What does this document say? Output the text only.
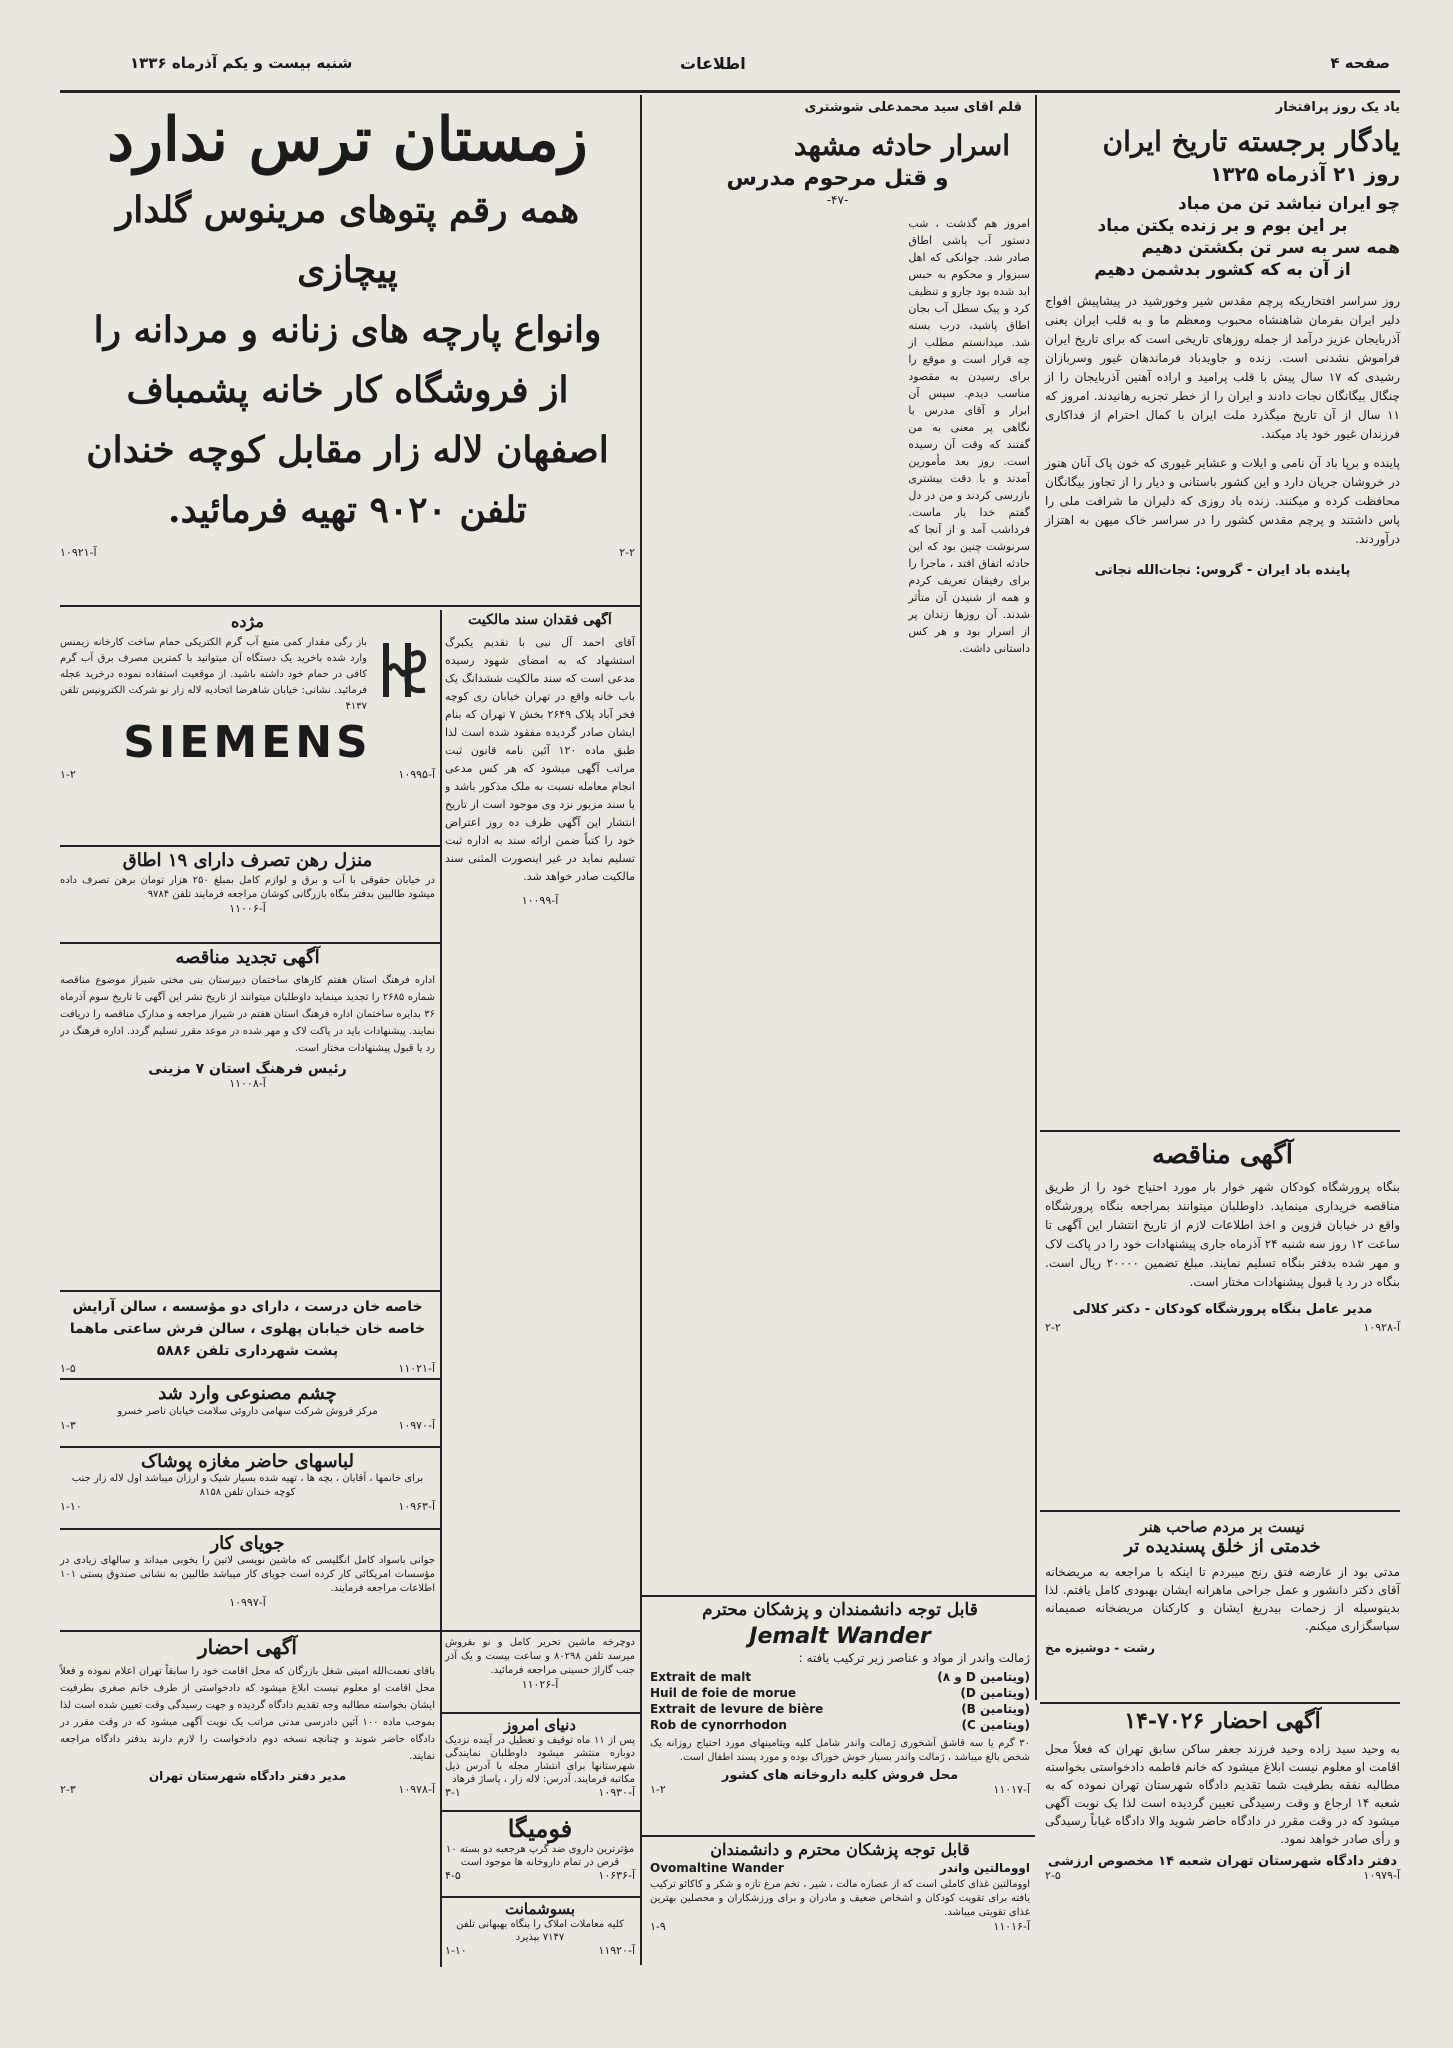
شنبه بیست و یکم آذرماه ۱۳۳۶	اطلاعات	صفحه ۴
یاد یک روز پرافتخار
یادگار برجسته تاریخ ایران
روز ۲۱ آذرماه ۱۳۲۵
چو ایران نباشد تن من مباد
بر این بوم و بر زنده یکتن مباد
همه سر به سر تن بکشتن دهیم
از آن به که کشور بدشمن دهیم
روز سراسر افتخاریکه پرچم مقدس شیر وخورشید در پیشاپیش افواج دلیر ایران بفرمان شاهنشاه محبوب ومعظم ما و به قلب ایران یعنی آذربایجان عزیز درآمد از جمله روزهای تاریخی است که برای تاریخ ایران فراموش نشدنی است. زنده و جاویدباد فرماندهان غیور وسربازان رشیدی که ۱۷ سال پیش با قلب پرامید و اراده آهنین آذربایجان را از چنگال بیگانگان نجات دادند و ایران را از خطر تجزیه رهانیدند. امروز که ۱۱ سال از آن تاریخ میگذرد ملت ایران با کمال احترام از فداکاری فرزندان غیور خود یاد میکند.
پاینده و برپا باد آن نامی و ایلات و عشایر غیوری که خون پاک آنان هنوز در خروشان جریان دارد و این کشور باستانی و دیار را از تجاوز بیگانگان محافظت کرده و میکنند. زنده باد روزی که دلیران ما شرافت ملی را پاس داشتند و پرچم مقدس کشور را در سراسر خاک میهن به اهتزاز درآوردند.
پاینده باد ایران - گروس: نجات‌الله نجاتی
آگهی مناقصه
بنگاه پرورشگاه کودکان شهر خوار بار مورد احتیاج خود را از طریق مناقصه خریداری مینماید. داوطلبان میتوانند بمراجعه بنگاه پرورشگاه واقع در خیابان قزوین و اخذ اطلاعات لازم از تاریخ انتشار این آگهی تا ساعت ۱۲ روز سه شنبه ۲۴ آذرماه جاری پیشنهادات خود را در پاکت لاک و مهر شده بدفتر بنگاه تسلیم نمایند. مبلغ تضمین ۲۰۰۰۰ ریال است. بنگاه در رد یا قبول پیشنهادات مختار است.
مدیر عامل بنگاه پرورشگاه کودکان - دکتر کلالی
آ-۱۰۹۲۸
۲-۲
نیست بر مردم صاحب هنر
خدمتی از خلق پسندیده تر
مدتی بود از عارضه فتق رنج میبردم تا اینکه با مراجعه به مریضخانه آقای دکتر دانشور و عمل جراحی ماهرانه ایشان بهبودی کامل یافتم. لذا بدینوسیله از زحمات بیدریغ ایشان و کارکنان مریضخانه صمیمانه سپاسگزاری میکنم.
رشت - دوشیزه مخ
آگهی احضار ۷۰۲۶-۱۴
به وحید سید زاده وحید فرزند جعفر ساکن سابق تهران که فعلاً محل اقامت او معلوم نیست ابلاغ میشود که خانم فاطمه دادخواستی بخواسته مطالبه نفقه بطرفیت شما تقدیم دادگاه شهرستان تهران نموده که به شعبه ۱۴ ارجاع و وقت رسیدگی تعیین گردیده است لذا یک نوبت آگهی میشود که در وقت مقرر در دادگاه حاضر شوید والا دادگاه غیاباً رسیدگی و رأی صادر خواهد نمود.
دفتر دادگاه شهرستان تهران شعبه ۱۴ مخصوص ارزشی
آ-۱۰۹۷۹
۲-۵
قلم آقای سید محمدعلی شوشتری
اسرار حادثه مشهد
و قتل مرحوم مدرس
-۴۷-
امروز هم گذشت ، شب دستور آب پاشی اطاق صادر شد. جوانکی که اهل سبزوار و محکوم به حبس ابد شده بود جارو و تنظیف کرد و پیک سطل آب بجان اطاق پاشید، درب بسته شد. میدانستم مطلب از چه قرار است و موقع را برای رسیدن به مقصود مناسب دیدم. سپس آن ابرار و آقای مدرس با نگاهی پر معنی به من گفتند که وقت آن رسیده است. روز بعد مأمورین آمدند و با دقت بیشتری بازرسی کردند و من در دل گفتم خدا یار ماست. فرداشب آمد و از آنجا که سرنوشت چنین بود که این حادثه اتفاق افتد ، ماجرا را برای رفیقان تعریف کردم و همه از شنیدن آن متأثر شدند. آن روزها زندان پر از اسرار بود و هر کس داستانی داشت.
قابل توجه دانشمندان و پزشکان محترم
Jemalt Wander
ژمالت واندر از مواد و عناصر زیر ترکیب یافته :
(ویتامین D و ۸)
Extrait de malt
(ویتامین D)
Huil de foie de morue
(ویتامین B)
Extrait de levure de bière
(ویتامین C)
Rob de cynorrhodon
۳۰ گرم یا سه قاشق آشخوری ژمالت واندر شامل کلیه ویتامینهای مورد احتیاج روزانه یک شخص بالغ میباشد ، ژمالت واندر بسیار خوش خوراک بوده و مورد پسند اطفال است.
محل فروش کلیه داروخانه های کشور
آ-۱۱۰۱۷
۱-۲
قابل توجه پزشکان محترم و دانشمندان
اوومالتین واندر
Ovomaltine Wander
اوومالتین غذای کاملی است که از عصاره مالت ، شیر ، تخم مرغ تازه و شکر و کاکائو ترکیب یافته برای تقویت کودکان و اشخاص ضعیف و مادران و برای ورزشکاران و محصلین بهترین غذای تقویتی میباشد.
آ-۱۱۰۱۶
۱-۹
زمستان ترس ندارد
همه رقم پتوهای مرینوس گلدار پیچازی
وانواع پارچه های زنانه و مردانه را
از فروشگاه کار خانه پشمباف
اصفهان لاله زار مقابل کوچه خندان
تلفن ۹۰۲۰ تهیه فرمائید.
۲-۲
آ-۱۰۹۲۱
آگهی فقدان سند مالکیت
آقای احمد آل نبی با تقدیم یکبرگ استشهاد که به امضای شهود رسیده مدعی است که سند مالکیت ششدانگ یک باب خانه واقع در تهران خیابان ری کوچه فخر آباد پلاک ۲۶۴۹ بخش ۷ تهران که بنام ایشان صادر گردیده مفقود شده است لذا طبق ماده ۱۲۰ آئین نامه قانون ثبت مراتب آگهی میشود که هر کس مدعی انجام معامله نسبت به ملک مذکور باشد و یا سند مزبور نزد وی موجود است از تاریخ انتشار این آگهی ظرف ده روز اعتراض خود را کتباً ضمن ارائه سند به اداره ثبت تسلیم نماید در غیر اینصورت المثنی سند مالکیت صادر خواهد شد.
آ-۱۰۰۹۹
دوچرخه ماشین تحریر کامل و نو بفروش میرسد تلفن ۸۰۲۹۸ و ساعت بیست و یک آذر جنب گاراژ حسینی مراجعه فرمائید.
آ-۱۱۰۲۶
دنیای امروز
پس از ۱۱ ماه توقیف و تعطیل در آینده نزدیک دوباره منتشر میشود داوطلبان نمایندگی شهرستانها برای انتشار مجله با آدرس ذیل مکاتبه فرمایند. آدرس: لاله زار ، پاساژ فرهاد
آ-۱۰۹۳۰
۳-۱
فومیگا
مؤثرترین داروی ضد گرپ هرجعبه دو بسته ۱۰ قرص در تمام داروخانه ها موجود است
آ-۱۰۶۳۶
۴-۵
بسوشمانت
کلیه معاملات املاک را بنگاه بهبهانی تلفن ۷۱۴۷ بپذیرد
آ-۱۱۹۲۰
۱-۱۰
مژده
باز رگی مقدار کمی منبع آب گرم الکتریکی حمام ساخت کارخانه زیمنس وارد شده باخرید یک دستگاه آن میتوانید با کمترین مصرف برق آب گرم کافی در حمام خود داشته باشید. از موقعیت استفاده نموده درخرید عجله فرمائید. نشانی: خیابان شاهرضا اتحادیه لاله زار نو شرکت الکترونیس تلفن ۴۱۳۷
SIEMENS
آ-۱۰۹۹۵
۱-۲
منزل رهن تصرف دارای ۱۹ اطاق
در خیابان حقوقی با آب و برق و لوازم کامل بمبلغ ۲۵۰ هزار تومان برهن تصرف داده میشود طالبین بدفتر بنگاه بازرگانی کوشان مراجعه فرمایند تلفن ۹۷۸۴
آ-۱۱۰۰۶
آگهی تجدید مناقصه
اداره فرهنگ استان هفتم کارهای ساختمان دبیرستان بنی مختی شیراز موضوع مناقصه شماره ۲۶۸۵ را تجدید مینماید داوطلبان میتوانند از تاریخ نشر این آگهی تا تاریخ سوم آذرماه ۳۶ بدایره ساختمان اداره فرهنگ استان هفتم در شیراز مراجعه و مدارک مناقصه را دریافت نمایند. پیشنهادات باید در پاکت لاک و مهر شده در موعد مقرر تسلیم گردد. اداره فرهنگ در رد یا قبول پیشنهادات مختار است.
رئیس فرهنگ استان ۷ مزینی
آ-۱۱۰۰۸
خاصه خان درست ، دارای دو مؤسسه ، سالن آرایش خاصه خان خیابان پهلوی ، سالن فرش ساعتی ماهما پشت شهرداری تلفن ۵۸۸۶
آ-۱۱۰۲۱
۱-۵
چشم مصنوعی وارد شد
مرکز فروش شرکت سهامی داروئی سلامت خیابان ناصر خسرو
آ-۱۰۹۷۰
۱-۳
لباسهای حاضر مغازه پوشاک
برای خانمها ، آقایان ، بچه ها ، تهیه شده بسیار شیک و ارزان میباشد اول لاله زار جنب کوچه خندان تلفن ۸۱۵۸
آ-۱۰۹۶۳
۱-۱۰
جویای کار
جوانی باسواد کامل انگلیسی که ماشین نویسی لاتین را بخوبی میداند و سالهای زیادی در مؤسسات امریکائی کار کرده است جویای کار میباشد طالبین به نشانی صندوق پستی ۱۰۱ اطلاعات مراجعه فرمایند.
آ-۱۰۹۹۷
آگهی احضار
باقای نعمت‌الله امینی شغل بازرگان که محل اقامت خود را سابقاً تهران اعلام نموده و فعلاً محل اقامت او معلوم نیست ابلاغ میشود که دادخواستی از طرف خانم صغری بطرفیت ایشان بخواسته مطالبه وجه تقدیم دادگاه گردیده و جهت رسیدگی وقت تعیین شده است لذا بموجب ماده ۱۰۰ آئین دادرسی مدنی مراتب یک نوبت آگهی میشود که در وقت مقرر در دادگاه حاضر شوند و چنانچه نسخه دوم دادخواست را لازم دارند بدفتر دادگاه مراجعه نمایند.
مدیر دفتر دادگاه شهرستان تهران
آ-۱۰۹۷۸
۲-۳
